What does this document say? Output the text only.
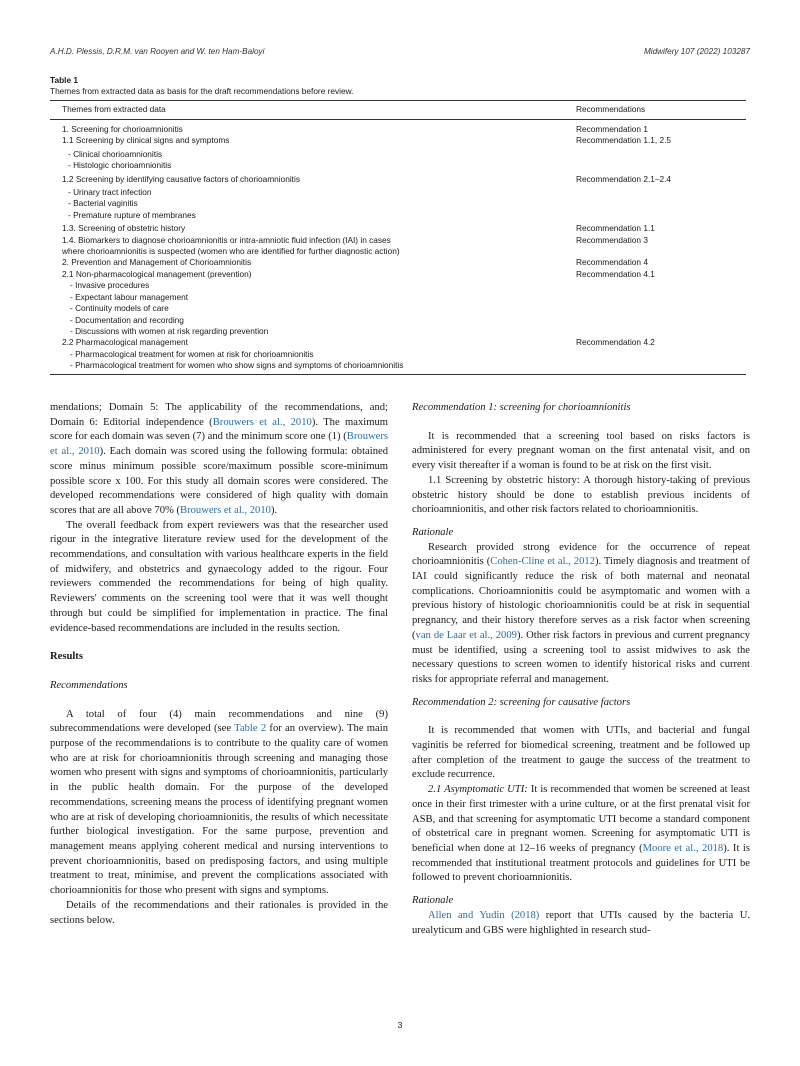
A.H.D. Plessis, D.R.M. van Rooyen and W. ten Ham-Baloyi	Midwifery 107 (2022) 103287
Table 1
Themes from extracted data as basis for the draft recommendations before review.
Themes from extracted data	Recommendations
1. Screening for chorioamnionitis	Recommendation 1
1.1 Screening by clinical signs and symptoms	Recommendation 1.1, 2.5
- Clinical chorioamnionitis
- Histologic chorioamnionitis
1.2 Screening by identifying causative factors of chorioamnionitis	Recommendation 2.1–2.4
- Urinary tract infection
- Bacterial vaginitis
- Premature rupture of membranes
1.3. Screening of obstetric history	Recommendation 1.1
1.4. Biomarkers to diagnose chorioamnionitis or intra-amniotic fluid infection (IAI) in cases	Recommendation 3
where chorioamnionitis is suspected (women who are identified for further diagnostic action)
2. Prevention and Management of Chorioamnionitis	Recommendation 4
2.1 Non-pharmacological management (prevention)	Recommendation 4.1
- Invasive procedures
- Expectant labour management
- Continuity models of care
- Documentation and recording
- Discussions with women at risk regarding prevention
2.2 Pharmacological management	Recommendation 4.2
- Pharmacological treatment for women at risk for chorioamnionitis
- Pharmacological treatment for women who show signs and symptoms of chorioamnionitis

mendations; Domain 5: The applicability of the recommendations, and; Domain 6: Editorial independence (Brouwers et al., 2010). The maximum score for each domain was seven (7) and the minimum score one (1) (Brouwers et al., 2010). Each domain was scored using the following formula: obtained score minus minimum possible score/maximum possible score-minimum possible score x 100. For this study all domain scores were considered. The developed recommendations were considered of high quality with domain scores that are all above 70% (Brouwers et al., 2010).

The overall feedback from expert reviewers was that the researcher used rigour in the integrative literature review used for the development of the recommendations, and consultation with various healthcare experts in the field of midwifery, and obstetrics and gynaecology added to the rigour. Four reviewers commended the recommendations for being of high quality. Reviewers' comments on the screening tool were that it was well thought through but could be simplified for implementation in practice. The final evidence-based recommendations are included in the results section.

Results
Recommendations

A total of four (4) main recommendations and nine (9) subrecommendations were developed (see Table 2 for an overview). The main purpose of the recommendations is to contribute to the quality care of women who are at risk for chorioamnionitis through screening and managing those women who present with signs and symptoms of chorioamnionitis, particularly in the public health domain. For the purpose of the developed recommendations, screening means the process of identifying pregnant women who are at risk of developing chorioamnionitis, the results of which necessitate further biological investigation. For the same purpose, prevention and management means applying coherent medical and nursing interventions to prevent chorioamnionitis, based on predisposing factors, and using multiple treatment to treat, minimise, and prevent the complications associated with chorioamnionitis for those who present with signs and symptoms.

Details of the recommendations and their rationales is provided in the sections below.

Recommendation 1: screening for chorioamnionitis

It is recommended that a screening tool based on risks factors is administered for every pregnant woman on the first antenatal visit, and on every visit thereafter if a woman is found to be at risk on the first visit.

1.1 Screening by obstetric history: A thorough history-taking of previous obstetric history should be done to establish previous incidents of chorioamnionitis, and other risk factors related to chorioamnionitis.

Rationale

Research provided strong evidence for the occurrence of repeat chorioamnionitis (Cohen-Cline et al., 2012). Timely diagnosis and treatment of IAI could significantly reduce the risk of both maternal and neonatal complications. Chorioamnionitis could be asymptomatic and women with a previous history of histologic chorioamnionitis could be at risk in sequential pregnancy, and their history therefore serves as a risk factor when screening (van de Laar et al., 2009). Other risk factors in previous and current pregnancy must be identified, using a screening tool to assist midwives to ask the necessary questions to screen women to identify historical risks and current risks for appropriate referral and management.

Recommendation 2: screening for causative factors

It is recommended that women with UTIs, and bacterial and fungal vaginitis be referred for biomedical screening, treatment and be followed up after completion of the treatment to gauge the success of the treatment to exclude recurrence.

2.1 Asymptomatic UTI: It is recommended that women be screened at least once in their first trimester with a urine culture, or at the first prenatal visit for ASB, and that screening for asymptomatic UTI become a standard component of obstetrical care in pregnant women. Screening for asymptomatic UTI is beneficial when done at 12–16 weeks of pregnancy (Moore et al., 2018). It is recommended that institutional treatment protocols and guidelines for UTI be followed to prevent chorioamnionitis.

Rationale

Allen and Yudin (2018) report that UTIs caused by the bacteria U. urealyticum and GBS were highlighted in research stud-

3
